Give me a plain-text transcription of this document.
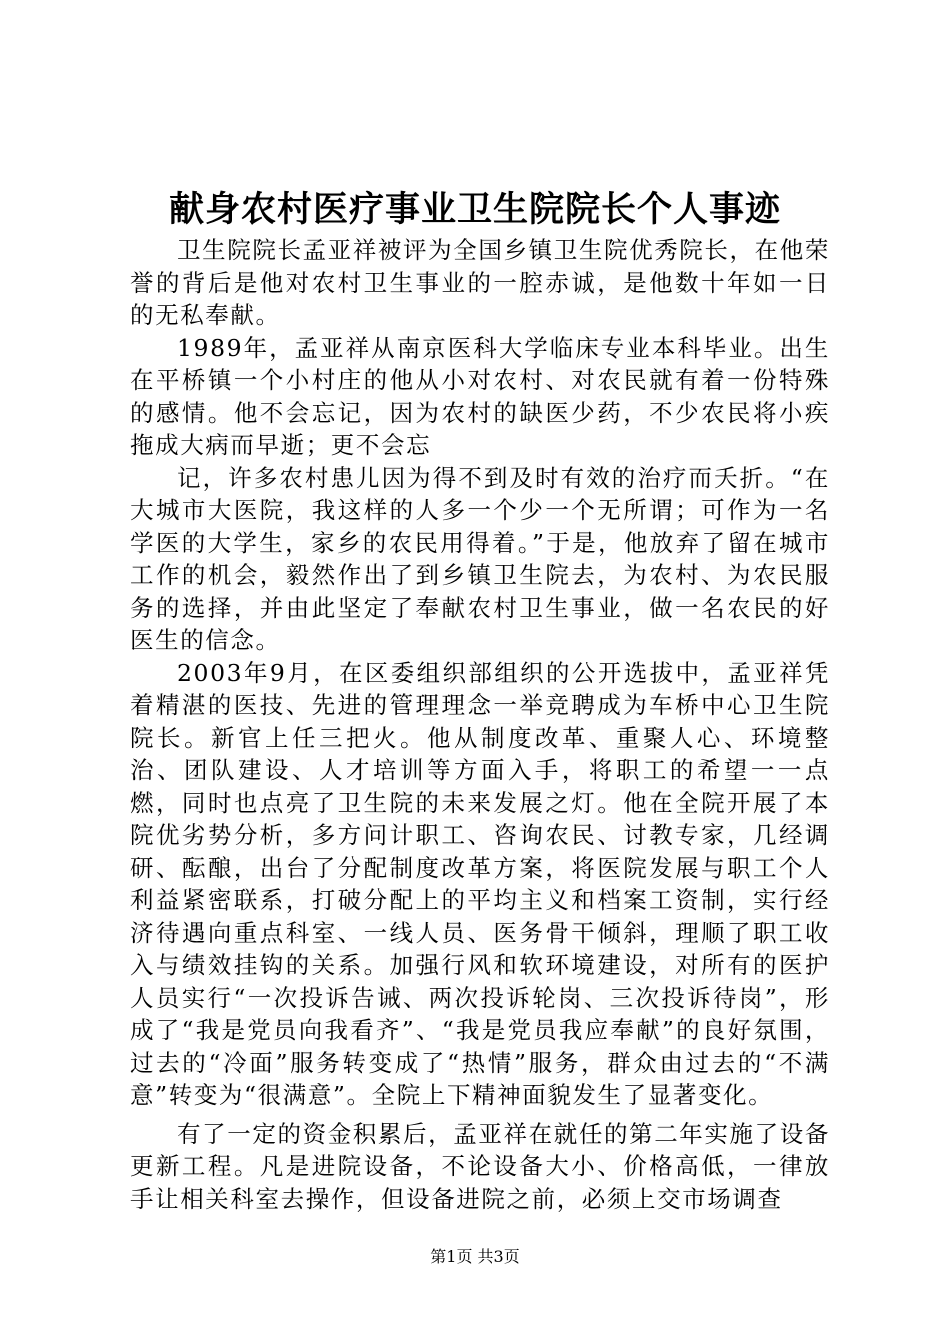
献身农村医疗事业卫生院院长个人事迹

卫生院院长孟亚祥被评为全国乡镇卫生院优秀院长，在他荣誉的背后是他对农村卫生事业的一腔赤诚，是他数十年如一日的无私奉献。

1989年，孟亚祥从南京医科大学临床专业本科毕业。出生在平桥镇一个小村庄的他从小对农村、对农民就有着一份特殊的感情。他不会忘记，因为农村的缺医少药，不少农民将小疾拖成大病而早逝；更不会忘

记，许多农村患儿因为得不到及时有效的治疗而夭折。“在大城市大医院，我这样的人多一个少一个无所谓；可作为一名学医的大学生，家乡的农民用得着。”于是，他放弃了留在城市工作的机会，毅然作出了到乡镇卫生院去，为农村、为农民服务的选择，并由此坚定了奉献农村卫生事业，做一名农民的好医生的信念。

2003年9月，在区委组织部组织的公开选拔中，孟亚祥凭着精湛的医技、先进的管理理念一举竞聘成为车桥中心卫生院院长。新官上任三把火。他从制度改革、重聚人心、环境整治、团队建设、人才培训等方面入手，将职工的希望一一点燃，同时也点亮了卫生院的未来发展之灯。他在全院开展了本院优劣势分析，多方问计职工、咨询农民、讨教专家，几经调研、酝酿，出台了分配制度改革方案，将医院发展与职工个人利益紧密联系，打破分配上的平均主义和档案工资制，实行经济待遇向重点科室、一线人员、医务骨干倾斜，理顺了职工收入与绩效挂钩的关系。加强行风和软环境建设，对所有的医护人员实行“一次投诉告诫、两次投诉轮岗、三次投诉待岗”，形成了“我是党员向我看齐”、“我是党员我应奉献”的良好氛围，过去的“冷面”服务转变成了“热情”服务，群众由过去的“不满意”转变为“很满意”。全院上下精神面貌发生了显著变化。

有了一定的资金积累后，孟亚祥在就任的第二年实施了设备更新工程。凡是进院设备，不论设备大小、价格高低，一律放手让相关科室去操作，但设备进院之前，必须上交市场调查

第1页 共3页
